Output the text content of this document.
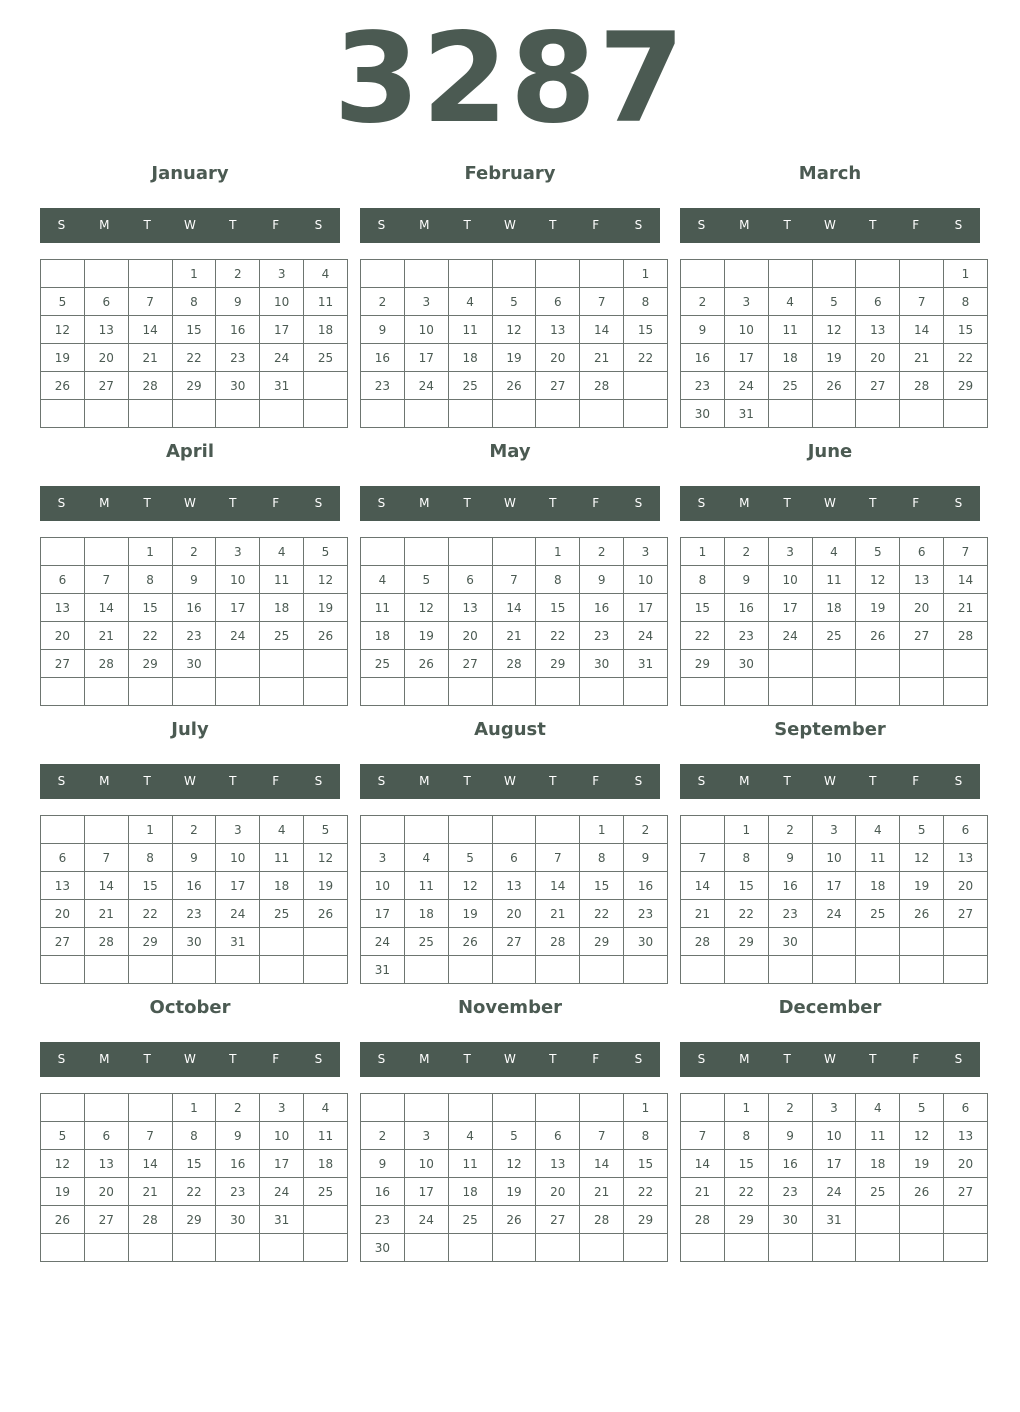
3287
January
S	M	T	W	T	F	S
			1	2	3	4
5	6	7	8	9	10	11
12	13	14	15	16	17	18
19	20	21	22	23	24	25
26	27	28	29	30	31	

February
S	M	T	W	T	F	S
						1
2	3	4	5	6	7	8
9	10	11	12	13	14	15
16	17	18	19	20	21	22
23	24	25	26	27	28	

March
S	M	T	W	T	F	S
						1
2	3	4	5	6	7	8
9	10	11	12	13	14	15
16	17	18	19	20	21	22
23	24	25	26	27	28	29
30	31					
April
S	M	T	W	T	F	S
		1	2	3	4	5
6	7	8	9	10	11	12
13	14	15	16	17	18	19
20	21	22	23	24	25	26
27	28	29	30			

May
S	M	T	W	T	F	S
				1	2	3
4	5	6	7	8	9	10
11	12	13	14	15	16	17
18	19	20	21	22	23	24
25	26	27	28	29	30	31

June
S	M	T	W	T	F	S
1	2	3	4	5	6	7
8	9	10	11	12	13	14
15	16	17	18	19	20	21
22	23	24	25	26	27	28
29	30					

July
S	M	T	W	T	F	S
		1	2	3	4	5
6	7	8	9	10	11	12
13	14	15	16	17	18	19
20	21	22	23	24	25	26
27	28	29	30	31		

August
S	M	T	W	T	F	S
					1	2
3	4	5	6	7	8	9
10	11	12	13	14	15	16
17	18	19	20	21	22	23
24	25	26	27	28	29	30
31						
September
S	M	T	W	T	F	S
	1	2	3	4	5	6
7	8	9	10	11	12	13
14	15	16	17	18	19	20
21	22	23	24	25	26	27
28	29	30				

October
S	M	T	W	T	F	S
			1	2	3	4
5	6	7	8	9	10	11
12	13	14	15	16	17	18
19	20	21	22	23	24	25
26	27	28	29	30	31	

November
S	M	T	W	T	F	S
						1
2	3	4	5	6	7	8
9	10	11	12	13	14	15
16	17	18	19	20	21	22
23	24	25	26	27	28	29
30						
December
S	M	T	W	T	F	S
	1	2	3	4	5	6
7	8	9	10	11	12	13
14	15	16	17	18	19	20
21	22	23	24	25	26	27
28	29	30	31			
